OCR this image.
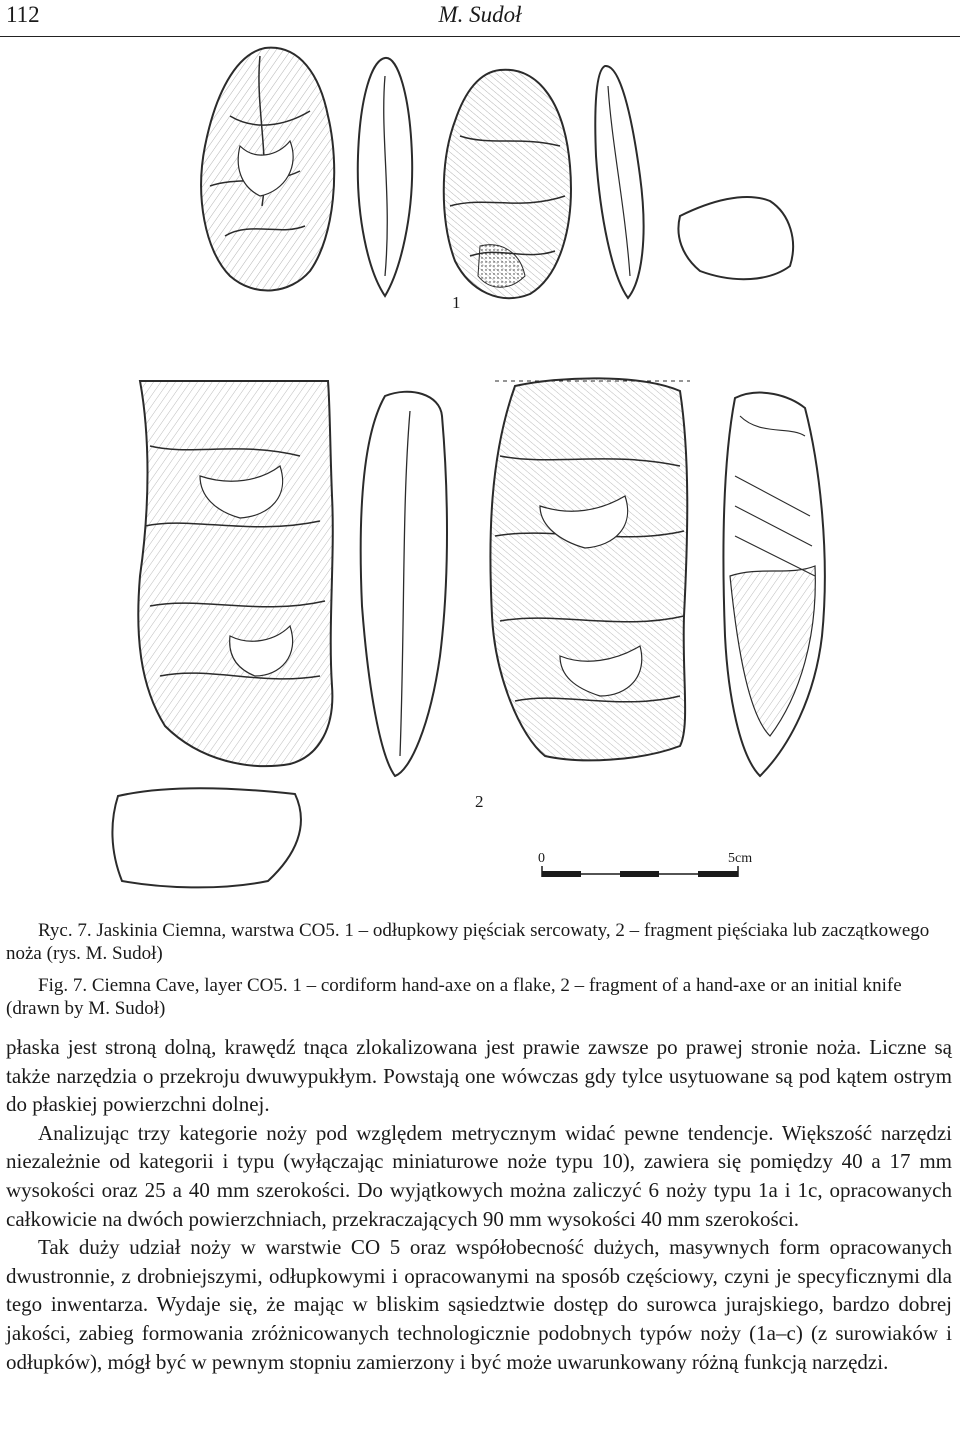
112	M. Sudoł
1
2
0	5cm
Ryc. 7. Jaskinia Ciemna, warstwa CO5. 1 – odłupkowy pięściak sercowaty, 2 – fragment pięściaka lub zaczątkowego noża (rys. M. Sudoł)
Fig. 7. Ciemna Cave, layer CO5. 1 – cordiform hand-axe on a flake, 2 – fragment of a hand-axe or an initial knife (drawn by M. Sudoł)

płaska jest stroną dolną, krawędź tnąca zlokalizowana jest prawie zawsze po prawej stronie noża. Liczne są także narzędzia o przekroju dwuwypukłym. Powstają one wówczas gdy tylce usytuowane są pod kątem ostrym do płaskiej powierzchni dolnej.

Analizując trzy kategorie noży pod względem metrycznym widać pewne tendencje. Większość narzędzi niezależnie od kategorii i typu (wyłączając miniaturowe noże typu 10), zawiera się pomiędzy 40 a 17 mm wysokości oraz 25 a 40 mm szerokości. Do wyjątkowych można zaliczyć 6 noży typu 1a i 1c, opracowanych całkowicie na dwóch powierzchniach, przekraczających 90 mm wysokości 40 mm szerokości.

Tak duży udział noży w warstwie CO 5 oraz współobecność dużych, masywnych form opracowanych dwustronnie, z drobniejszymi, odłupkowymi i opracowanymi na sposób częściowy, czyni je specyficznymi dla tego inwentarza. Wydaje się, że mając w bliskim sąsiedztwie dostęp do surowca jurajskiego, bardzo dobrej jakości, zabieg formowania zróżnicowanych technologicznie podobnych typów noży (1a–c) (z surowiaków i odłupków), mógł być w pewnym stopniu zamierzony i być może uwarunkowany różną funkcją narzędzi.
